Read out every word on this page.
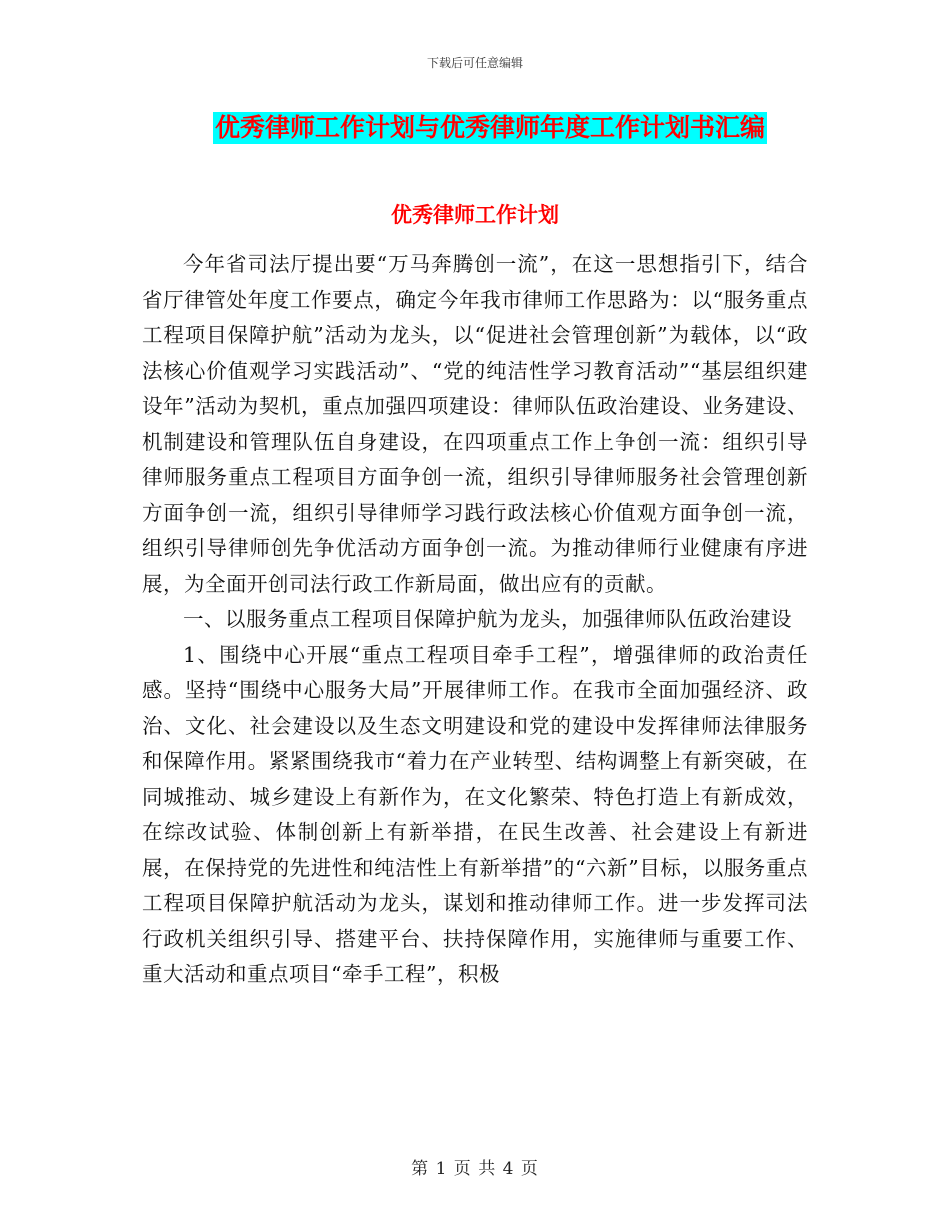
下载后可任意编辑
优秀律师工作计划与优秀律师年度工作计划书汇编
优秀律师工作计划

今年省司法厅提出要“万马奔腾创一流”，在这一思想指引下，结合省厅律管处年度工作要点，确定今年我市律师工作思路为：以“服务重点工程项目保障护航”活动为龙头，以“促进社会管理创新”为载体，以“政法核心价值观学习实践活动”、“党的纯洁性学习教育活动”“基层组织建设年”活动为契机，重点加强四项建设：律师队伍政治建设、业务建设、机制建设和管理队伍自身建设，在四项重点工作上争创一流：组织引导律师服务重点工程项目方面争创一流，组织引导律师服务社会管理创新方面争创一流，组织引导律师学习践行政法核心价值观方面争创一流，组织引导律师创先争优活动方面争创一流。为推动律师行业健康有序进展，为全面开创司法行政工作新局面，做出应有的贡献。

一、以服务重点工程项目保障护航为龙头，加强律师队伍政治建设

1、围绕中心开展“重点工程项目牵手工程”，增强律师的政治责任感。坚持“围绕中心服务大局”开展律师工作。在我市全面加强经济、政治、文化、社会建设以及生态文明建设和党的建设中发挥律师法律服务和保障作用。紧紧围绕我市“着力在产业转型、结构调整上有新突破，在同城推动、城乡建设上有新作为，在文化繁荣、特色打造上有新成效，在综改试验、体制创新上有新举措，在民生改善、社会建设上有新进展，在保持党的先进性和纯洁性上有新举措”的“六新”目标，以服务重点工程项目保障护航活动为龙头，谋划和推动律师工作。进一步发挥司法行政机关组织引导、搭建平台、扶持保障作用，实施律师与重要工作、重大活动和重点项目“牵手工程”，积极

第 1 页 共 4 页
